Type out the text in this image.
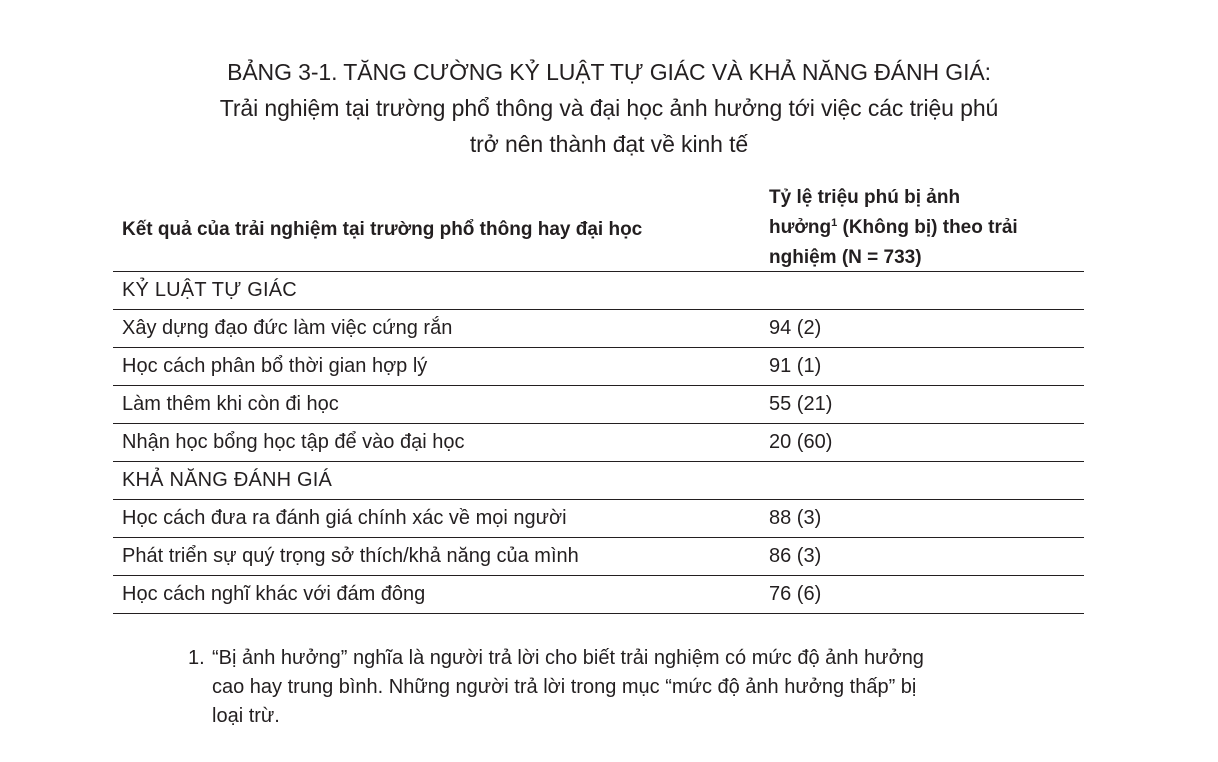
BẢNG 3-1. TĂNG CƯỜNG KỶ LUẬT TỰ GIÁC VÀ KHẢ NĂNG ĐÁNH GIÁ:
Trải nghiệm tại trường phổ thông và đại học ảnh hưởng tới việc các triệu phú
trở nên thành đạt về kinh tế
Kết quả của trải nghiệm tại trường phổ thông hay đại học
Tỷ lệ triệu phú bị ảnh
hưởng$^1$ (Không bị) theo trải
nghiệm (N = 733)
KỶ LUẬT TỰ GIÁC
Xây dựng đạo đức làm việc cứng rắn	94 (2)
Học cách phân bổ thời gian hợp lý	91 (1)
Làm thêm khi còn đi học	55 (21)
Nhận học bổng học tập để vào đại học	20 (60)
KHẢ NĂNG ĐÁNH GIÁ
Học cách đưa ra đánh giá chính xác về mọi người	88 (3)
Phát triển sự quý trọng sở thích/khả năng của mình	86 (3)
Học cách nghĩ khác với đám đông	76 (6)
1. “Bị ảnh hưởng” nghĩa là người trả lời cho biết trải nghiệm có mức độ ảnh hưởng
cao hay trung bình. Những người trả lời trong mục “mức độ ảnh hưởng thấp” bị
loại trừ.
